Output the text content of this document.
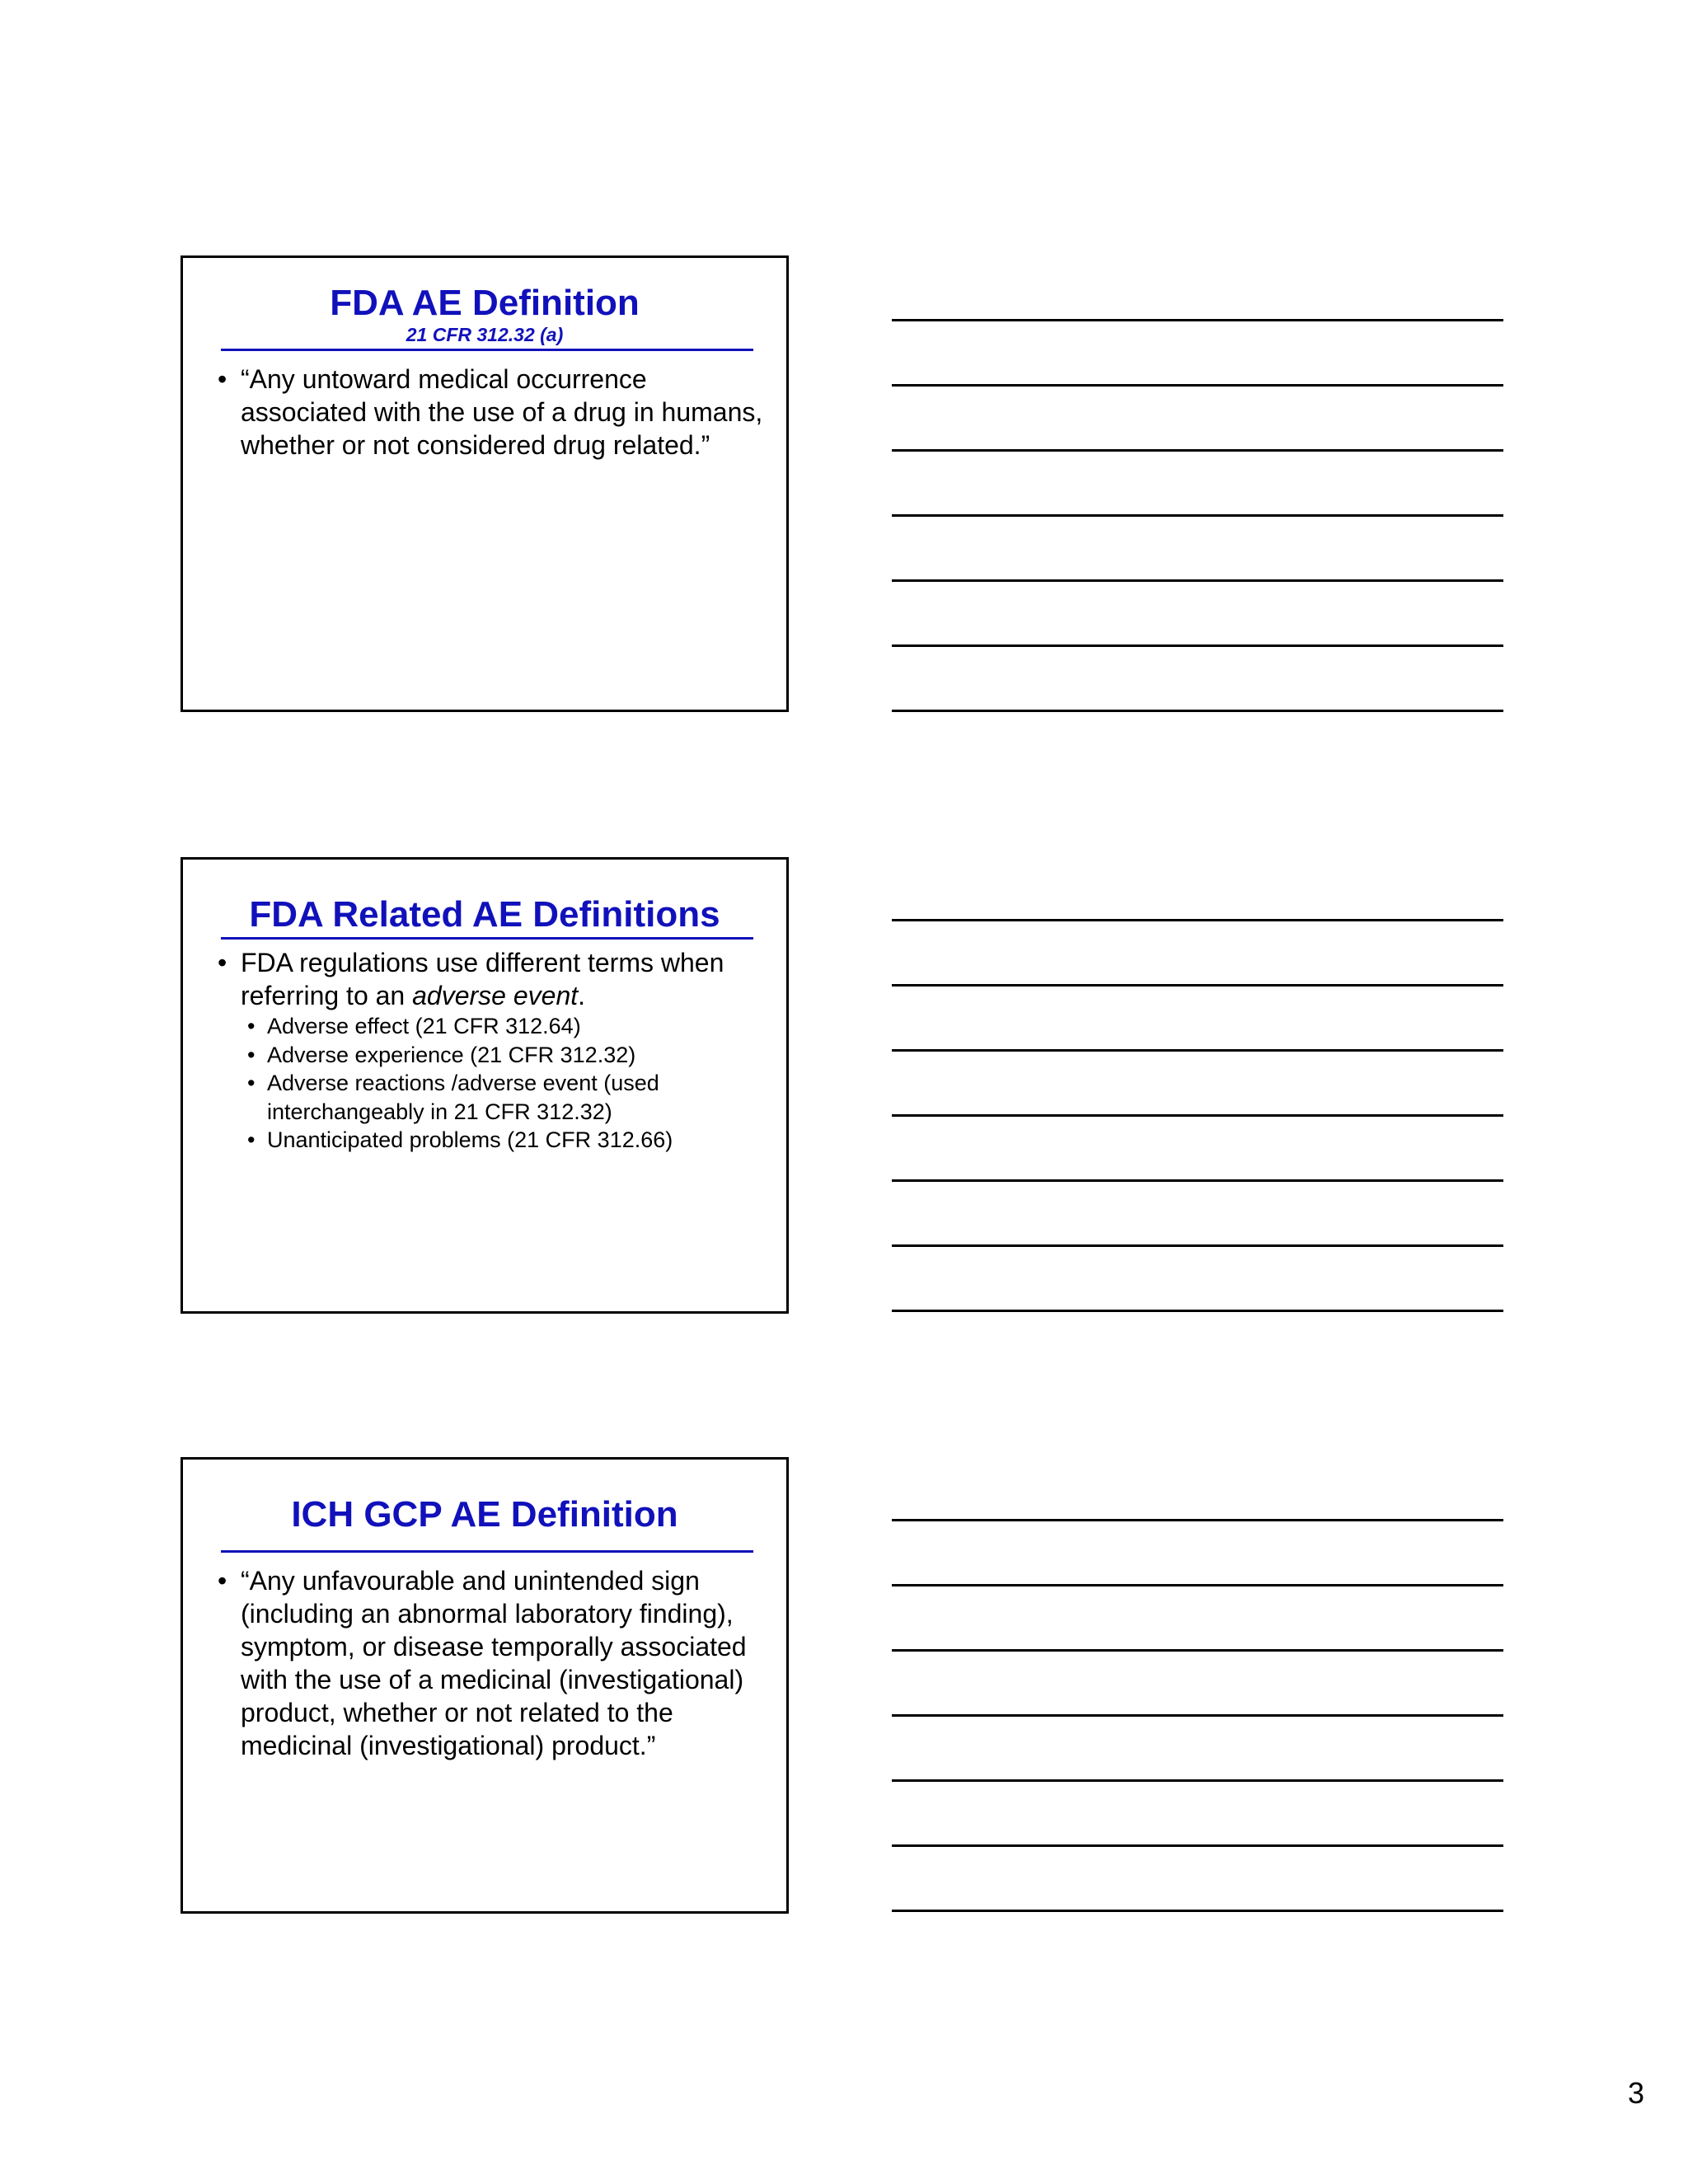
FDA AE Definition
21 CFR 312.32 (a)
• “Any untoward medical occurrence associated with the use of a drug in humans, whether or not considered drug related.”
FDA Related AE Definitions
• FDA regulations use different terms when referring to an adverse event.
• Adverse effect (21 CFR 312.64)
• Adverse experience (21 CFR 312.32)
• Adverse reactions /adverse event (used interchangeably in 21 CFR 312.32)
• Unanticipated problems (21 CFR 312.66)
ICH GCP AE Definition
• “Any unfavourable and unintended sign (including an abnormal laboratory finding), symptom, or disease temporally associated with the use of a medicinal (investigational) product, whether or not related to the medicinal (investigational) product.”
3
